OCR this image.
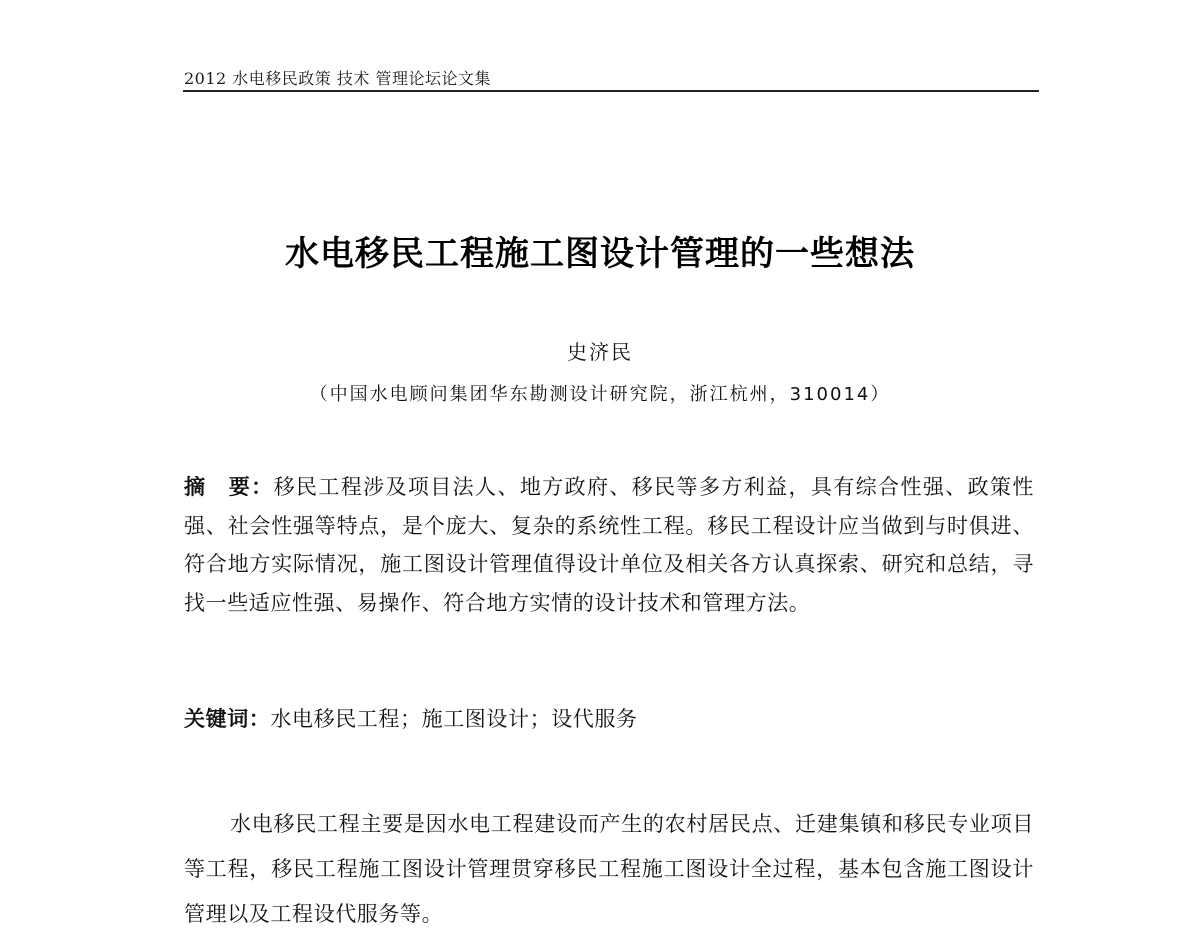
2012 水电移民政策 技术 管理论坛论文集
水电移民工程施工图设计管理的一些想法
史济民
（中国水电顾问集团华东勘测设计研究院，浙江杭州，310014）

摘　要：移民工程涉及项目法人、地方政府、移民等多方利益，具有综合性强、政策性强、社会性强等特点，是个庞大、复杂的系统性工程。移民工程设计应当做到与时俱进、符合地方实际情况，施工图设计管理值得设计单位及相关各方认真探索、研究和总结，寻找一些适应性强、易操作、符合地方实情的设计技术和管理方法。

关键词：水电移民工程；施工图设计；设代服务

水电移民工程主要是因水电工程建设而产生的农村居民点、迁建集镇和移民专业项目等工程，移民工程施工图设计管理贯穿移民工程施工图设计全过程，基本包含施工图设计管理以及工程设代服务等。
